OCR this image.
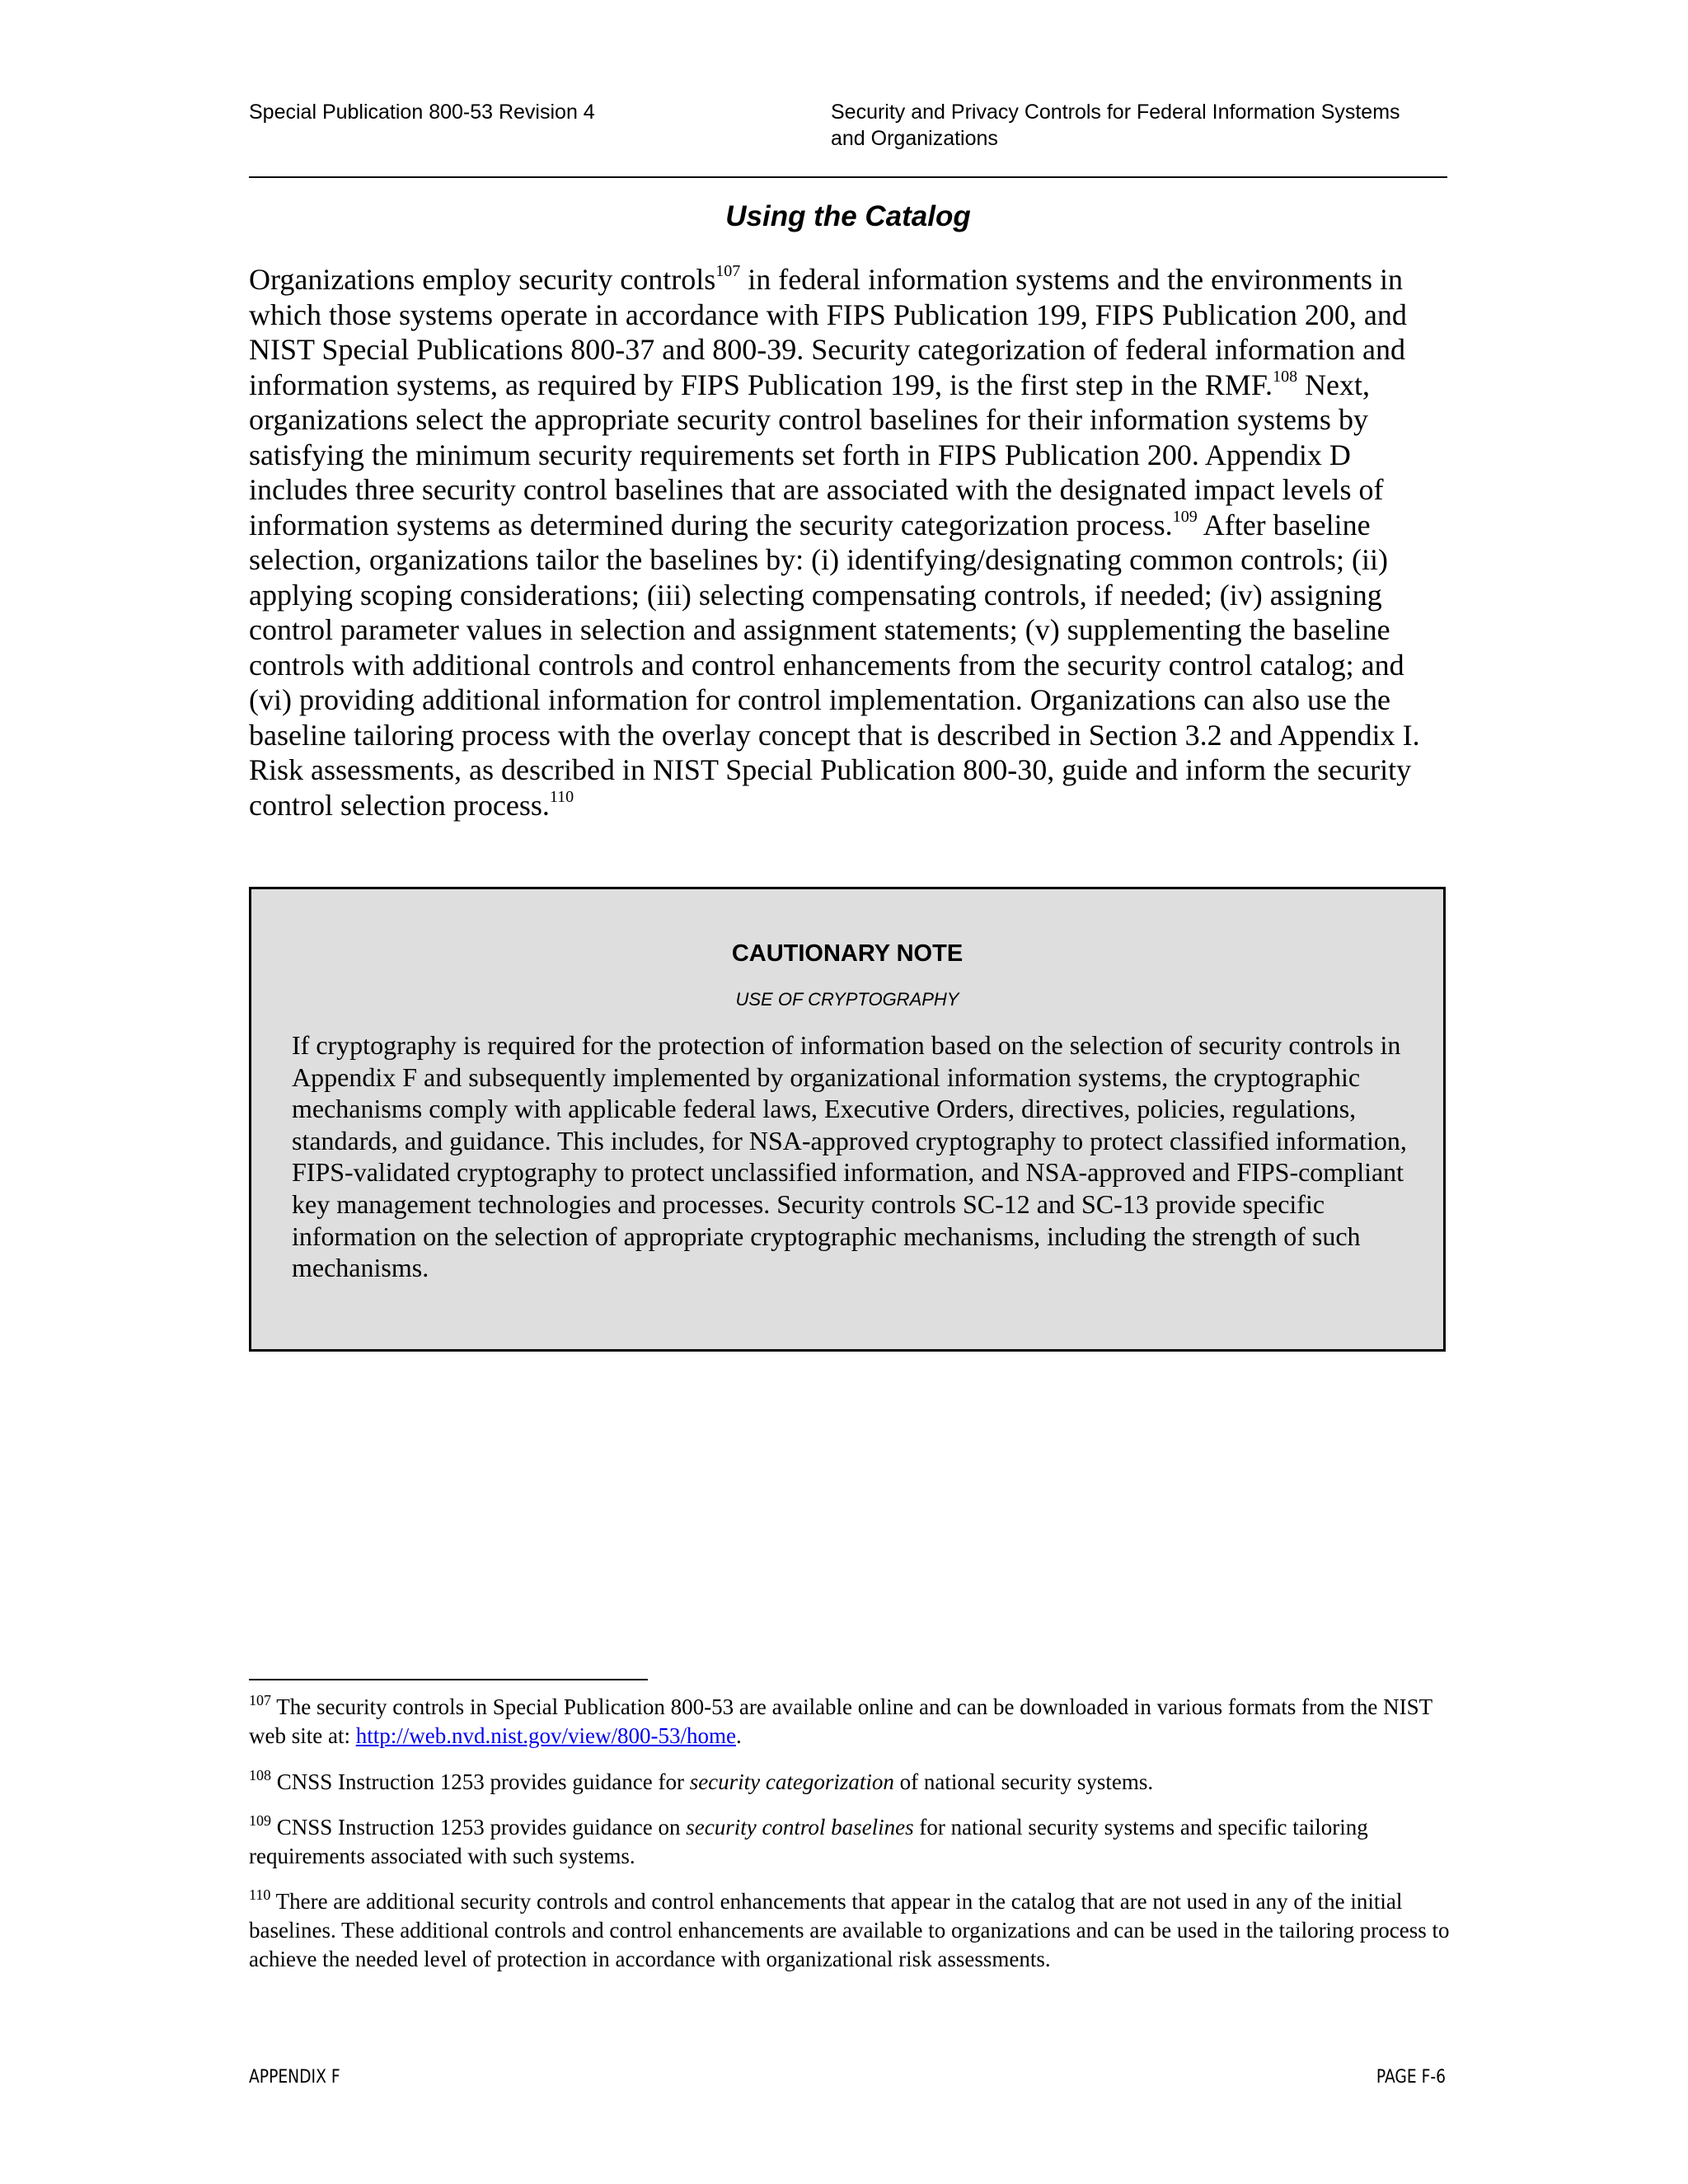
Special Publication 800-53 Revision 4	Security and Privacy Controls for Federal Information Systems
and Organizations
Using the Catalog

Organizations employ security controls$^{107}$ in federal information systems and the environments in which those systems operate in accordance with FIPS Publication 199, FIPS Publication 200, and NIST Special Publications 800-37 and 800-39. Security categorization of federal information and information systems, as required by FIPS Publication 199, is the first step in the RMF.$^{108}$ Next, organizations select the appropriate security control baselines for their information systems by satisfying the minimum security requirements set forth in FIPS Publication 200. Appendix D includes three security control baselines that are associated with the designated impact levels of information systems as determined during the security categorization process.$^{109}$ After baseline selection, organizations tailor the baselines by: (i) identifying/designating common controls; (ii) applying scoping considerations; (iii) selecting compensating controls, if needed; (iv) assigning control parameter values in selection and assignment statements; (v) supplementing the baseline controls with additional controls and control enhancements from the security control catalog; and (vi) providing additional information for control implementation. Organizations can also use the baseline tailoring process with the overlay concept that is described in Section 3.2 and Appendix I. Risk assessments, as described in NIST Special Publication 800-30, guide and inform the security control selection process.$^{110}$

CAUTIONARY NOTE
USE OF CRYPTOGRAPHY

If cryptography is required for the protection of information based on the selection of security controls in Appendix F and subsequently implemented by organizational information systems, the cryptographic mechanisms comply with applicable federal laws, Executive Orders, directives, policies, regulations, standards, and guidance. This includes, for NSA-approved cryptography to protect classified information, FIPS-validated cryptography to protect unclassified information, and NSA-approved and FIPS-compliant key management technologies and processes. Security controls SC-12 and SC-13 provide specific information on the selection of appropriate cryptographic mechanisms, including the strength of such mechanisms.

$^{107}$ The security controls in Special Publication 800-53 are available online and can be downloaded in various formats from the NIST web site at: http://web.nvd.nist.gov/view/800-53/home.

$^{108}$ CNSS Instruction 1253 provides guidance for security categorization of national security systems.

$^{109}$ CNSS Instruction 1253 provides guidance on security control baselines for national security systems and specific tailoring requirements associated with such systems.

$^{110}$ There are additional security controls and control enhancements that appear in the catalog that are not used in any of the initial baselines. These additional controls and control enhancements are available to organizations and can be used in the tailoring process to achieve the needed level of protection in accordance with organizational risk assessments.

APPENDIX F	PAGE F-6
